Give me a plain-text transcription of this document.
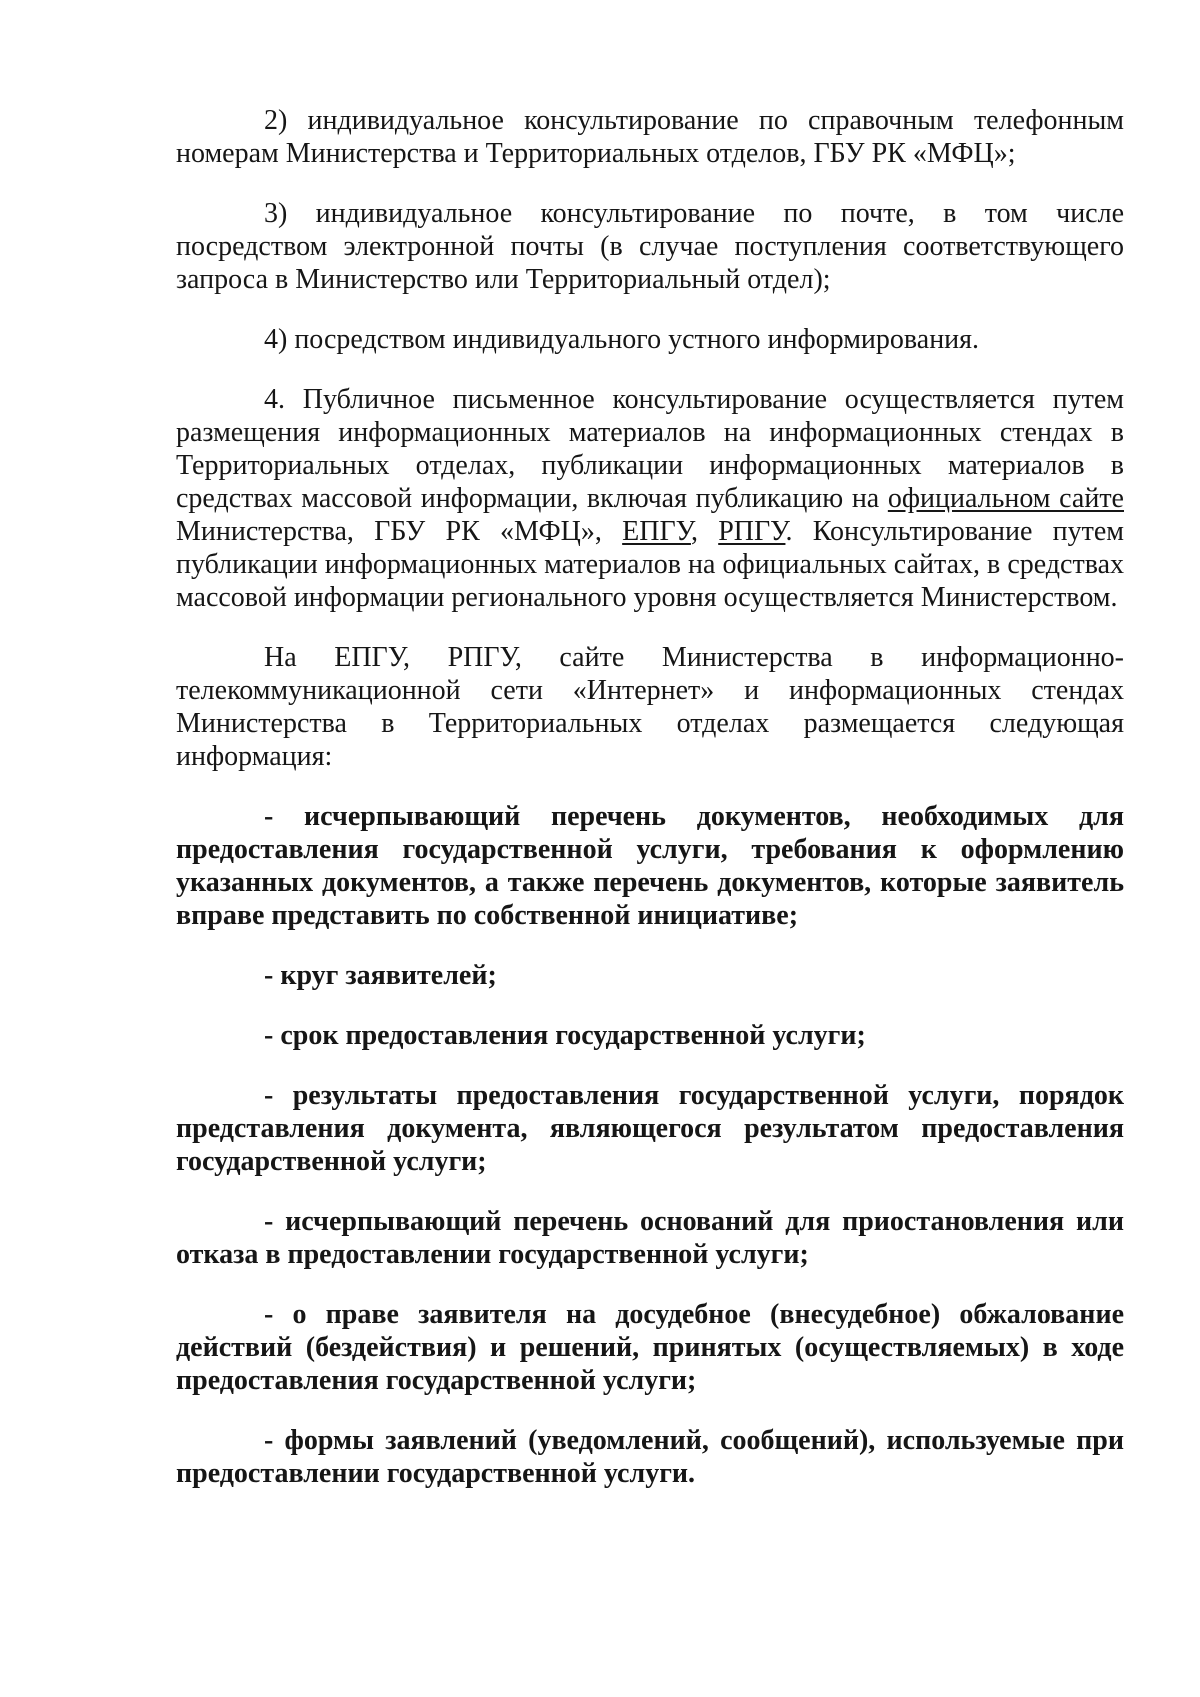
2) индивидуальное консультирование по справочным телефонным номерам Министерства и Территориальных отделов, ГБУ РК «МФЦ»;

3) индивидуальное консультирование по почте, в том числе посредством электронной почты (в случае поступления соответствующего запроса в Министерство или Территориальный отдел);

4) посредством индивидуального устного информирования.

4. Публичное письменное консультирование осуществляется путем размещения информационных материалов на информационных стендах в Территориальных отделах, публикации информационных материалов в средствах массовой информации, включая публикацию на официальном сайте Министерства, ГБУ РК «МФЦ», ЕПГУ, РПГУ. Консультирование путем публикации информационных материалов на официальных сайтах, в средствах массовой информации регионального уровня осуществляется Министерством.

На ЕПГУ, РПГУ, сайте Министерства в информационно-телекоммуникационной сети «Интернет» и информационных стендах Министерства в Территориальных отделах размещается следующая информация:

- исчерпывающий перечень документов, необходимых для предоставления государственной услуги, требования к оформлению указанных документов, а также перечень документов, которые заявитель вправе представить по собственной инициативе;

- круг заявителей;

- срок предоставления государственной услуги;

- результаты предоставления государственной услуги, порядок представления документа, являющегося результатом предоставления государственной услуги;

- исчерпывающий перечень оснований для приостановления или отказа в предоставлении государственной услуги;

- о праве заявителя на досудебное (внесудебное) обжалование действий (бездействия) и решений, принятых (осуществляемых) в ходе предоставления государственной услуги;

- формы заявлений (уведомлений, сообщений), используемые при предоставлении государственной услуги.
